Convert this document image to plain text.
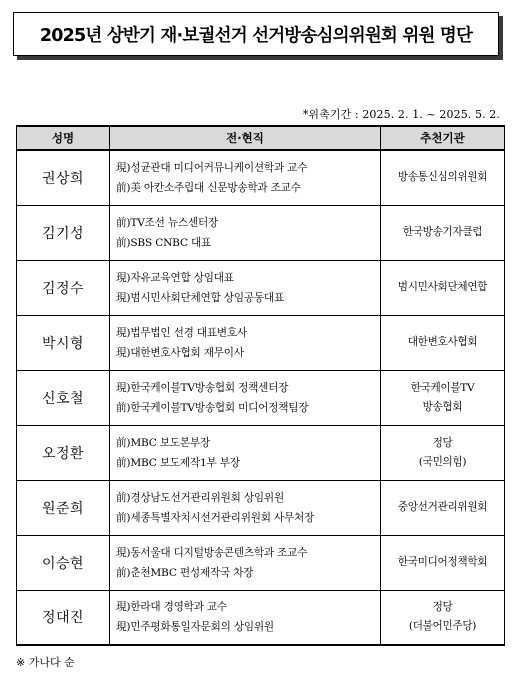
2025년 상반기 재·보궐선거 선거방송심의위원회 위원 명단
*위촉기간 : 2025. 2. 1. ~ 2025. 5. 2.
성명	전·현직	추천기관
권상희	現)성균관대 미디어커뮤니케이션학과 교수
前)美 아칸소주립대 신문방송학과 조교수	방송통신심의위원회

김기성	前)TV조선 뉴스센터장
前)SBS CNBC 대표	한국방송기자클럽

김정수	現)자유교육연합 상임대표
現)범시민사회단체연합 상임공동대표	범시민사회단체연합

박시형	現)법무법인 선경 대표변호사
現)대한변호사협회 재무이사	대한변호사협회

신호철	現)한국케이블TV방송협회 정책센터장
前)한국케이블TV방송협회 미디어정책팀장	한국케이블TV
방송협회

오정환	前)MBC 보도본부장
前)MBC 보도제작1부 부장	정당
(국민의힘)

원준희	前)경상남도선거관리위원회 상임위원
前)세종특별자치시선거관리위원회 사무처장	중앙선거관리위원회

이승현	現)동서울대 디지털방송콘텐츠학과 조교수
前)춘천MBC 편성제작국 차장	한국미디어정책학회

정대진	現)한라대 경영학과 교수
現)민주평화통일자문회의 상임위원	정당
(더불어민주당)
※ 가나다 순
